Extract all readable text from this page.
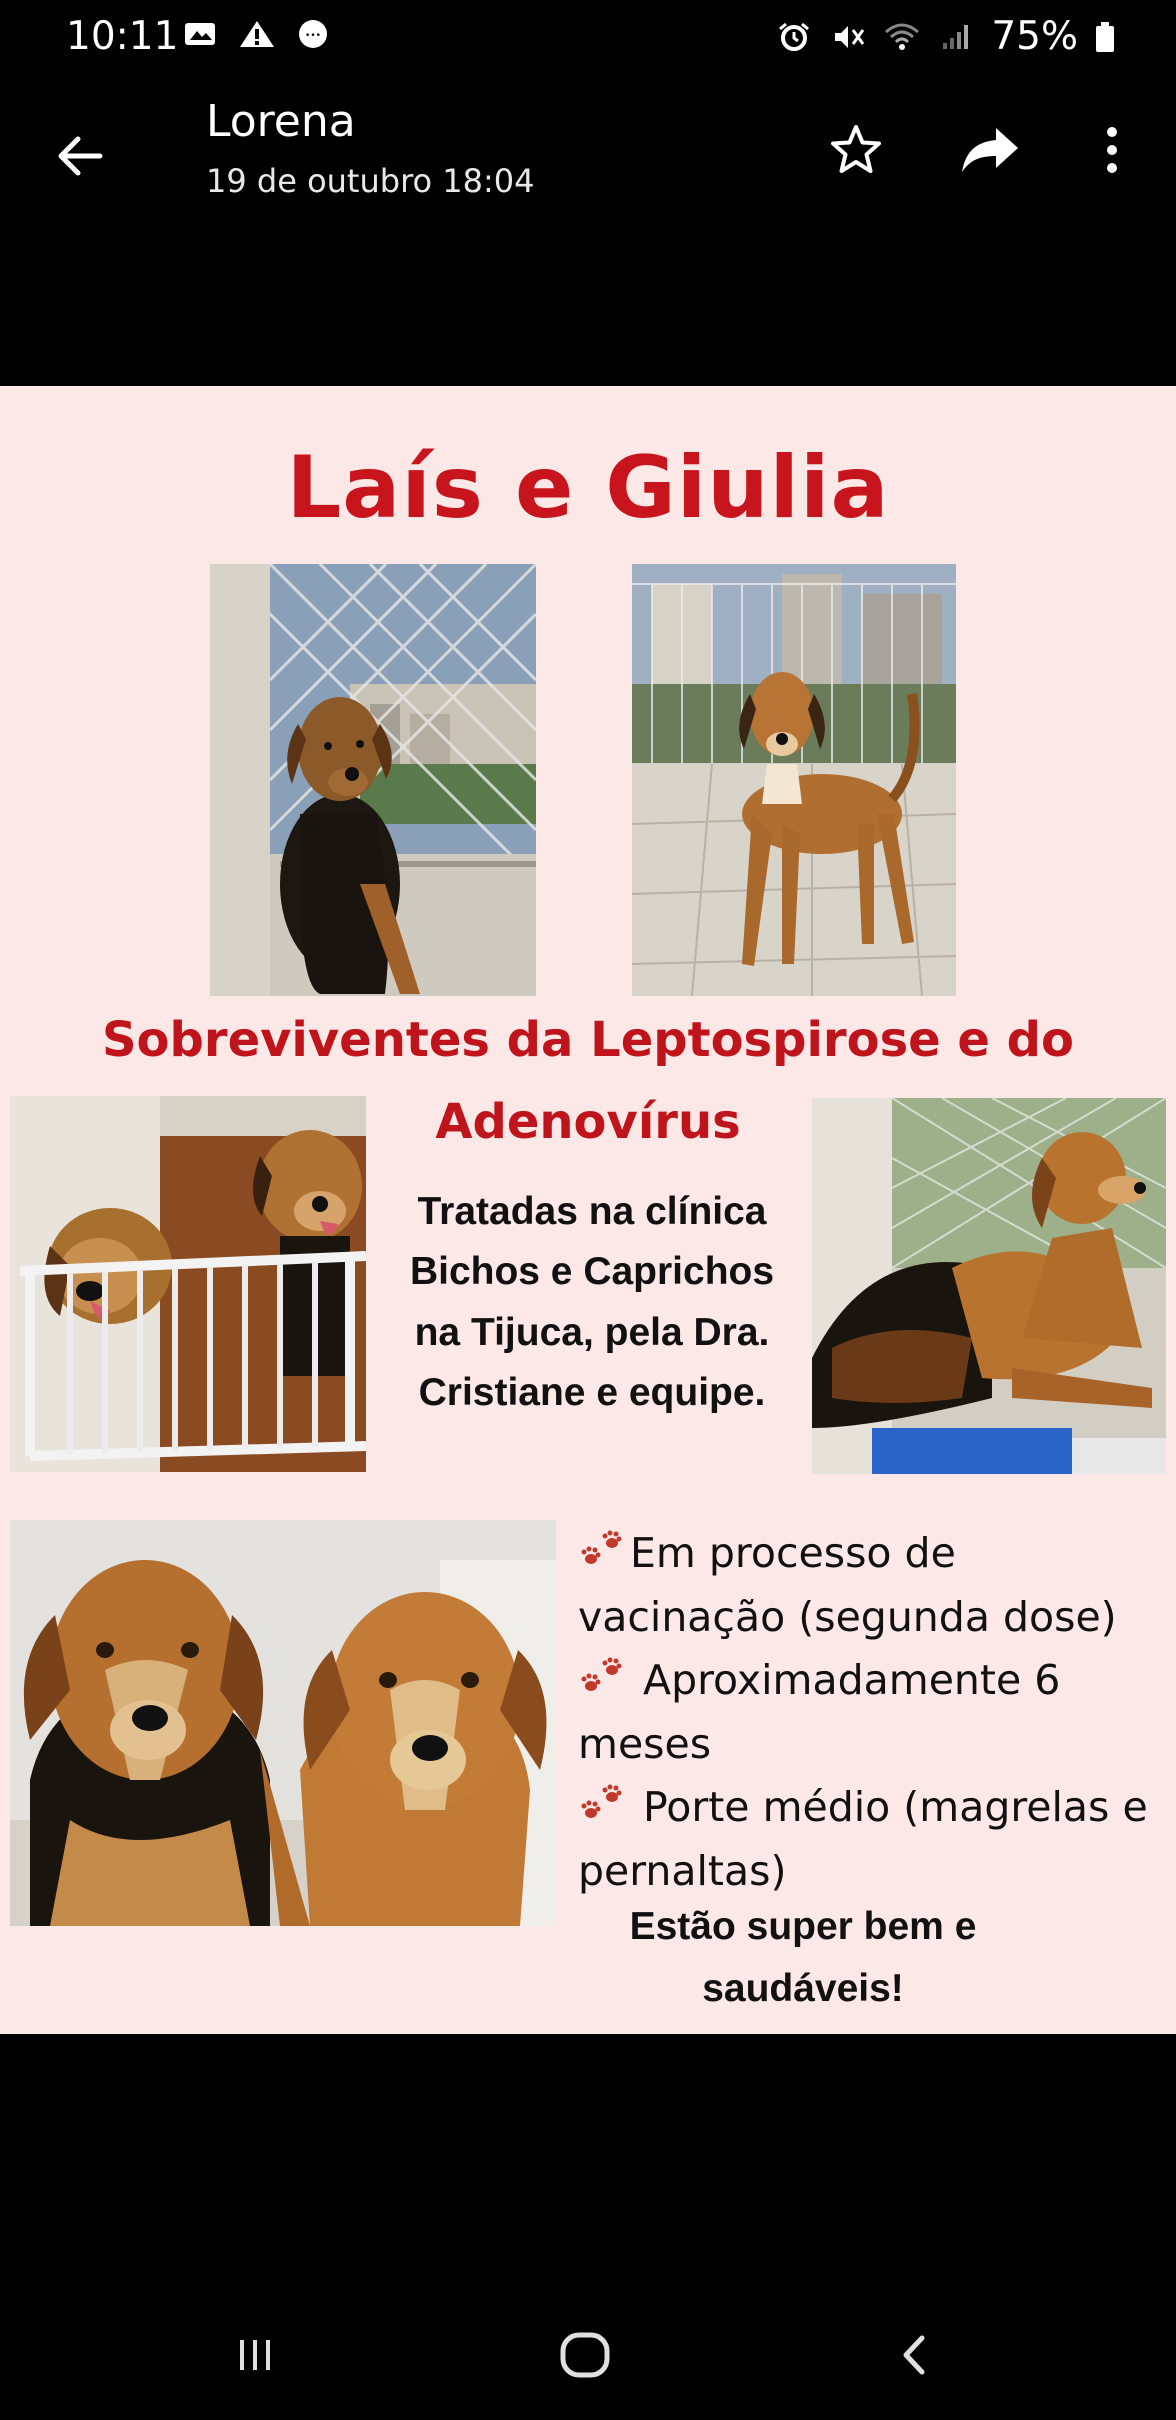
10:11	•••	75%
Lorena
19 de outubro 18:04
Laís e Giulia
Sobreviventes da Leptospirose e do
Adenovírus
Tratadas na clínica
Bichos e Caprichos
na Tijuca, pela Dra.
Cristiane e equipe.
Em processo de
vacinação (segunda dose)
Aproximadamente 6
meses
Porte médio (magrelas e
pernaltas)
Estão super bem e
saudáveis!
